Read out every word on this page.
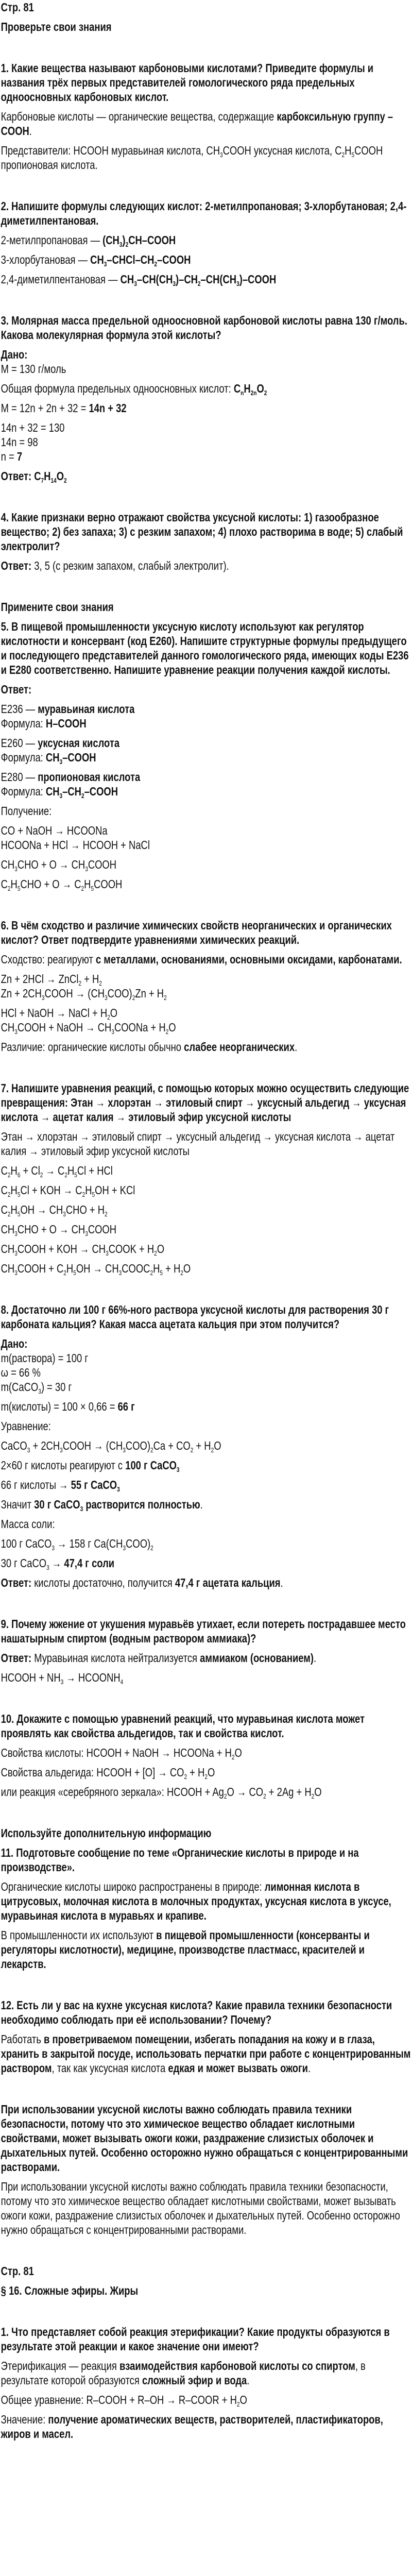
Стр. 81
Проверьте свои знания
1. Какие вещества называют карбоновыми кислотами? Приведите формулы и названия трёх первых представителей гомологического ряда предельных одноосновных карбоновых кислот.
Карбоновые кислоты — органические вещества, содержащие карбоксильную группу –COOH.
Представители: HCOOH муравьиная кислота, $CH_3COOH$ уксусная кислота, $C_2H_5COOH$ пропионовая кислота.
2. Напишите формулы следующих кислот: 2-метилпропановая; 3-хлорбутановая; 2,4-диметилпентановая.
2-метилпропановая — $(CH_3)_2CH$–COOH
3-хлорбутановая — $CH_3-CHCl-CH_2$–COOH
2,4-диметилпентановая — $CH_3-CH(CH_3)-CH_2-CH(CH_3)$–COOH
3. Молярная масса предельной одноосновной карбоновой кислоты равна 130 г/моль. Какова молекулярная формула этой кислоты?
Дано:
M = 130 г/моль
Общая формула предельных одноосновных кислот: $C_nH_{2n}O_2$
M = 12n + 2n + 32 = 14n + 32
14n + 32 = 130
14n = 98
n = 7
Ответ: $C_7H_{14}O_2$
4. Какие признаки верно отражают свойства уксусной кислоты: 1) газообразное вещество; 2) без запаха; 3) с резким запахом; 4) плохо растворима в воде; 5) слабый электролит?
Ответ: 3, 5 (с резким запахом, слабый электролит).
Примените свои знания
5. В пищевой промышленности уксусную кислоту используют как регулятор кислотности и консервант (код E260). Напишите структурные формулы предыдущего и последующего представителей данного гомологического ряда, имеющих коды E236 и E280 соответственно. Напишите уравнение реакции получения каждой кислоты.
Ответ:
E236 — муравьиная кислота
Формула: H–COOH
E260 — уксусная кислота
Формула: $CH_3$–COOH
E280 — пропионовая кислота
Формула: $CH_3-CH_2$–COOH
Получение:
CO + NaOH → HCOONa
HCOONa + HCl → HCOOH + NaCl
$CH_3CHO + O$ → $CH_3COOH$
$C_2H_5CHO + O$ → $C_2H_5COOH$
6. В чём сходство и различие химических свойств неорганических и органических кислот? Ответ подтвердите уравнениями химических реакций.
Сходство: реагируют с металлами, основаниями, основными оксидами, карбонатами.
Zn + 2HCl → ZnCl$_2$ + $H_2$
$Zn + 2CH_3COOH \to (CH_3COO)_2Zn + H_2$
HCl + NaOH → NaCl + $H_2O$
$CH_3COOH$ + NaOH → $CH_3COONa + H_2O$
Различие: органические кислоты обычно слабее неорганических.
7. Напишите уравнения реакций, с помощью которых можно осуществить следующие превращения: Этан → хлорэтан → этиловый спирт → уксусный альдегид → уксусная кислота → ацетат калия → этиловый эфир уксусной кислоты
Этан → хлорэтан → этиловый спирт → уксусный альдегид → уксусная кислота → ацетат калия → этиловый эфир уксусной кислоты
$C_2H_6 + Cl_2 \to C_2H_5Cl$ + HCl
$C_2H_5Cl$ + KOH → $C_2H_5OH$ + KCl
$C_2H_5OH \to CH_3CHO + H_2$
$CH_3CHO + O$ → $CH_3COOH$
$CH_3COOH$ + KOH → $CH_3COOK + H_2O$
$CH_3COOH + C_2H_5OH$ → $CH_3COOC_2H_5 + H_2O$
8. Достаточно ли 100 г 66%-ного раствора уксусной кислоты для растворения 30 г карбоната кальция? Какая масса ацетата кальция при этом получится?
Дано:
m(раствора) = 100 г
ω = 66 %
m(CaCO$_3$) = 30 г
m(кислоты) = 100 × 0,66 = 66 г
Уравнение:
CaCO$_3$ + $2CH_3COOH \to (CH_3COO)_2Ca + CO_2 + H_2O$
2×60 г кислоты реагируют с 100 г CaCO$_3$
66 г кислоты → 55 г CaCO$_3$
Значит 30 г CaCO$_3$ растворится полностью.
Масса соли:
100 г CaCO$_3$ → 158 г $Ca(CH_3COO)_2$
30 г CaCO$_3$ → 47,4 г соли
Ответ: кислоты достаточно, получится 47,4 г ацетата кальция.
9. Почему жжение от укушения муравьёв утихает, если потереть пострадавшее место нашатырным спиртом (водным раствором аммиака)?
Ответ: Муравьиная кислота нейтрализуется аммиаком (основанием).
HCOOH + $NH_3$ → $HCOONH_4$
10. Докажите с помощью уравнений реакций, что муравьиная кислота может проявлять как свойства альдегидов, так и свойства кислот.
Свойства кислоты: HCOOH + NaOH → HCOONa + $H_2O$
Свойства альдегида: HCOOH + $[O] \to CO_2 + H_2O$
или реакция «серебряного зеркала»: HCOOH + $Ag_2O \to CO_2 + 2Ag + H_2O$
Используйте дополнительную информацию
11. Подготовьте сообщение по теме «Органические кислоты в природе и на производстве».
Органические кислоты широко распространены в природе: лимонная кислота в цитрусовых, молочная кислота в молочных продуктах, уксусная кислота в уксусе, муравьиная кислота в муравьях и крапиве.
В промышленности их используют в пищевой промышленности (консерванты и регуляторы кислотности), медицине, производстве пластмасс, красителей и лекарств.
12. Есть ли у вас на кухне уксусная кислота? Какие правила техники безопасности необходимо соблюдать при её использовании? Почему?
Работать в проветриваемом помещении, избегать попадания на кожу и в глаза, хранить в закрытой посуде, использовать перчатки при работе с концентрированным раствором, так как уксусная кислота едкая и может вызвать ожоги.
При использовании уксусной кислоты важно соблюдать правила техники безопасности, потому что это химическое вещество обладает кислотными свойствами, может вызывать ожоги кожи, раздражение слизистых оболочек и дыхательных путей. Особенно осторожно нужно обращаться с концентрированными растворами.
При использовании уксусной кислоты важно соблюдать правила техники безопасности, потому что это химическое вещество обладает кислотными свойствами, может вызывать ожоги кожи, раздражение слизистых оболочек и дыхательных путей. Особенно осторожно нужно обращаться с концентрированными растворами.
Стр. 81
§ 16. Сложные эфиры. Жиры
1. Что представляет собой реакция этерификации? Какие продукты образуются в результате этой реакции и какое значение они имеют?
Этерификация — реакция взаимодействия карбоновой кислоты со спиртом, в результате которой образуются сложный эфир и вода.
Общее уравнение: R–COOH + R–OH → R–COOR + $H_2O$
Значение: получение ароматических веществ, растворителей, пластификаторов, жиров и масел.
